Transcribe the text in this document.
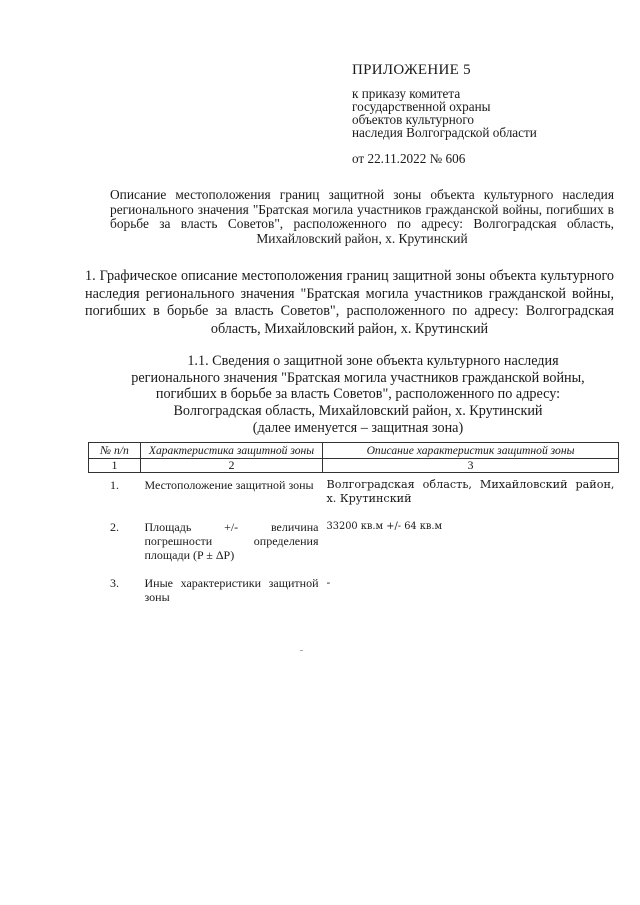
ПРИЛОЖЕНИЕ 5
к приказу комитета
государственной охраны
объектов культурного
наследия Волгоградской области
от 22.11.2022 № 606
Описание местоположения границ защитной зоны объекта культурного наследия регионального значения "Братская могила участников гражданской войны, погибших в борьбе за власть Советов", расположенного по адресу: Волгоградская область, Михайловский район, х. Крутинский
1. Графическое описание местоположения границ защитной зоны объекта культурного наследия регионального значения "Братская могила участников гражданской войны, погибших в борьбе за власть Советов", расположенного по адресу: Волгоградская область, Михайловский район, х. Крутинский
1.1. Сведения о защитной зоне объекта культурного наследия
регионального значения "Братская могила участников гражданской войны,
погибших в борьбе за власть Советов", расположенного по адресу:
Волгоградская область, Михайловский район, х. Крутинский
(далее именуется – защитная зона)
№ п/п	Характеристика защитной зоны	Описание характеристик защитной зоны
1	2	3
1.	Местоположение защитной зоны	Волгоградская область, Михайловский район, х. Крутинский
2.	Площадь +/- величина погрешности определения площади (P ± ΔP)	33200 кв.м +/- 64 кв.м
3.	Иные характеристики защитной зоны	-
